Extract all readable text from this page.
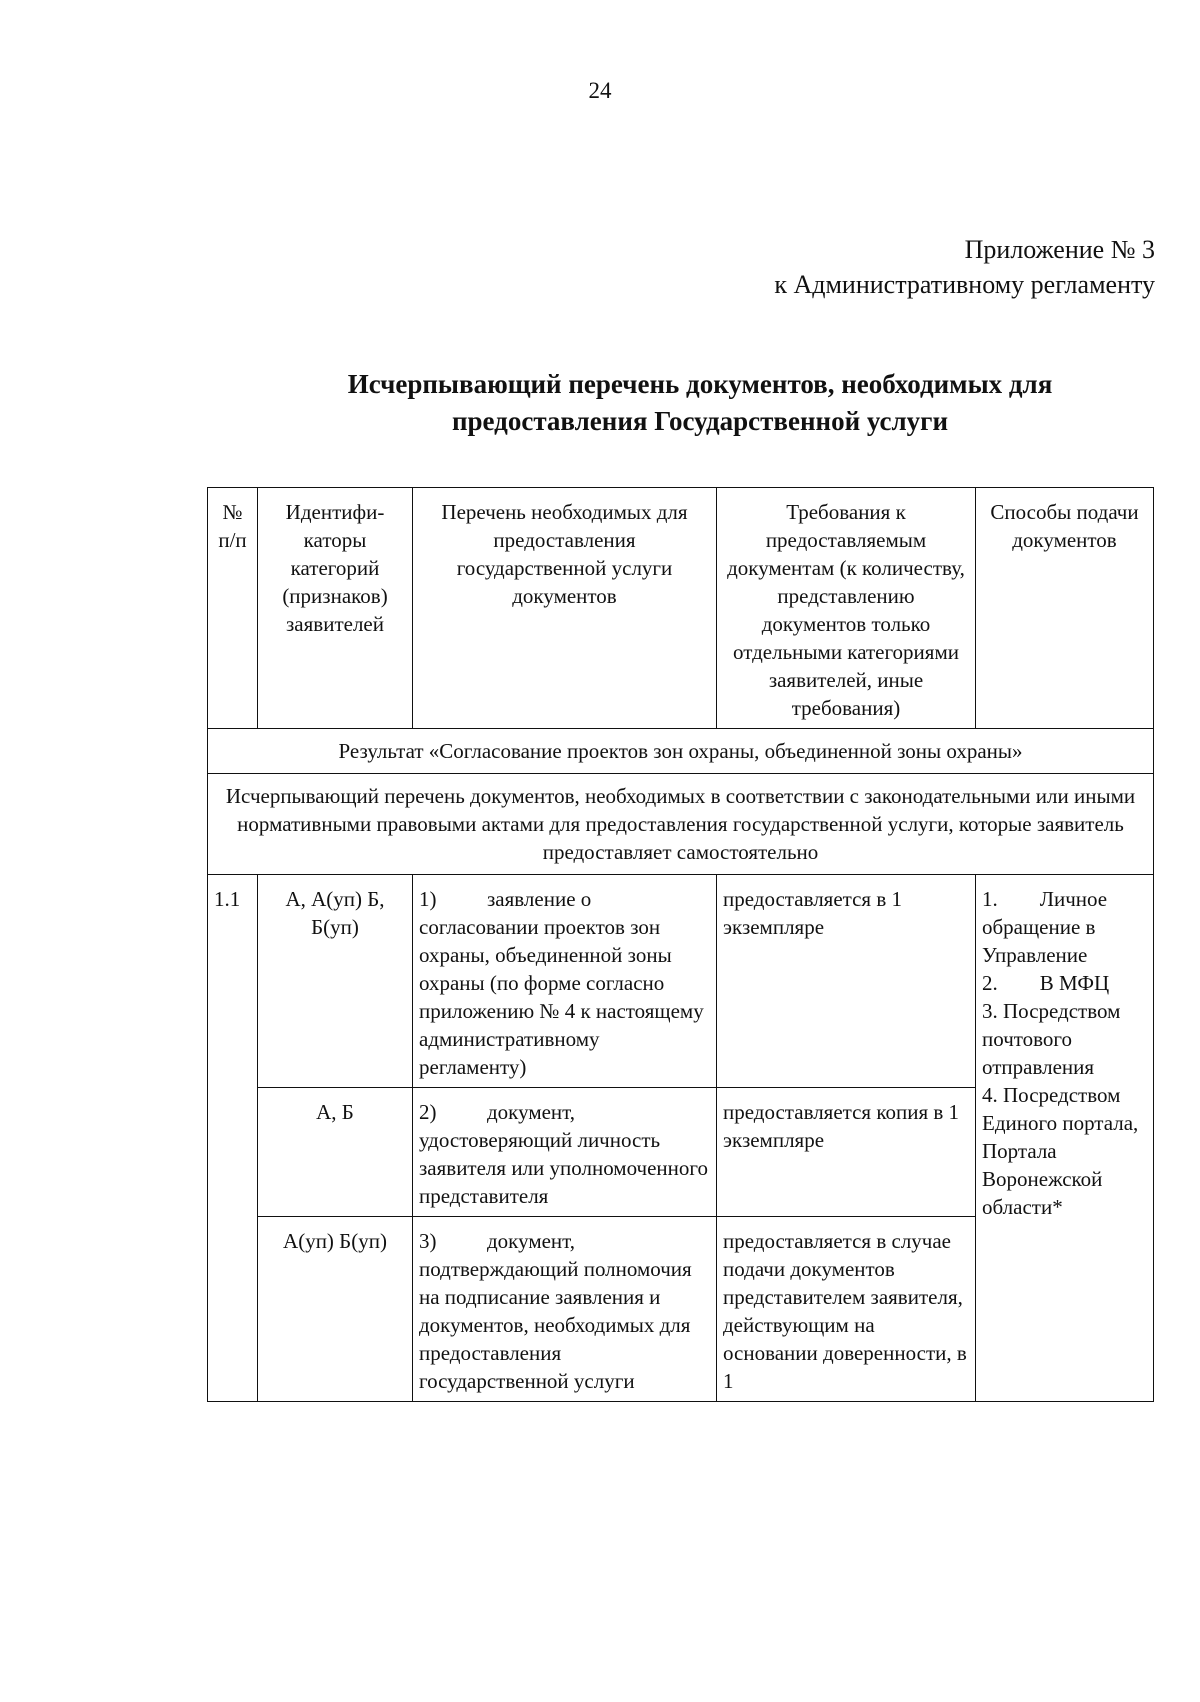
24
Приложение № 3
к Административному регламенту
Исчерпывающий перечень документов, необходимых для
предоставления Государственной услуги
№ п/п	Идентифи-каторы категорий (признаков) заявителей	Перечень необходимых для предоставления государственной услуги документов	Требования к предоставляемым документам (к количеству, представлению документов только отдельными категориями заявителей, иные требования)	Способы подачи документов
Результат «Согласование проектов зон охраны, объединенной зоны охраны»				
Исчерпывающий перечень документов, необходимых в соответствии с законодательными или иными нормативными правовыми актами для предоставления государственной услуги, которые заявитель предоставляет самостоятельно				
1.1	А, А(уп) Б, Б(уп)	1) заявление о согласовании проектов зон охраны, объединенной зоны охраны (по форме согласно приложению № 4 к настоящему административному регламенту)	предоставляется в 1 экземпляре	1.        Личное обращение в Управление
2.        В МФЦ
3. Посредством почтового отправления
4. Посредством Единого портала, Портала Воронежской области*

	А, Б	2) документ, удостоверяющий личность заявителя или уполномоченного представителя	предоставляется копия в 1 экземпляре	
	А(уп) Б(уп)	3) документ, подтверждающий полномочия на подписание заявления и документов, необходимых для предоставления государственной услуги	предоставляется в случае подачи документов представителем заявителя, действующим на основании доверенности, в 1	
